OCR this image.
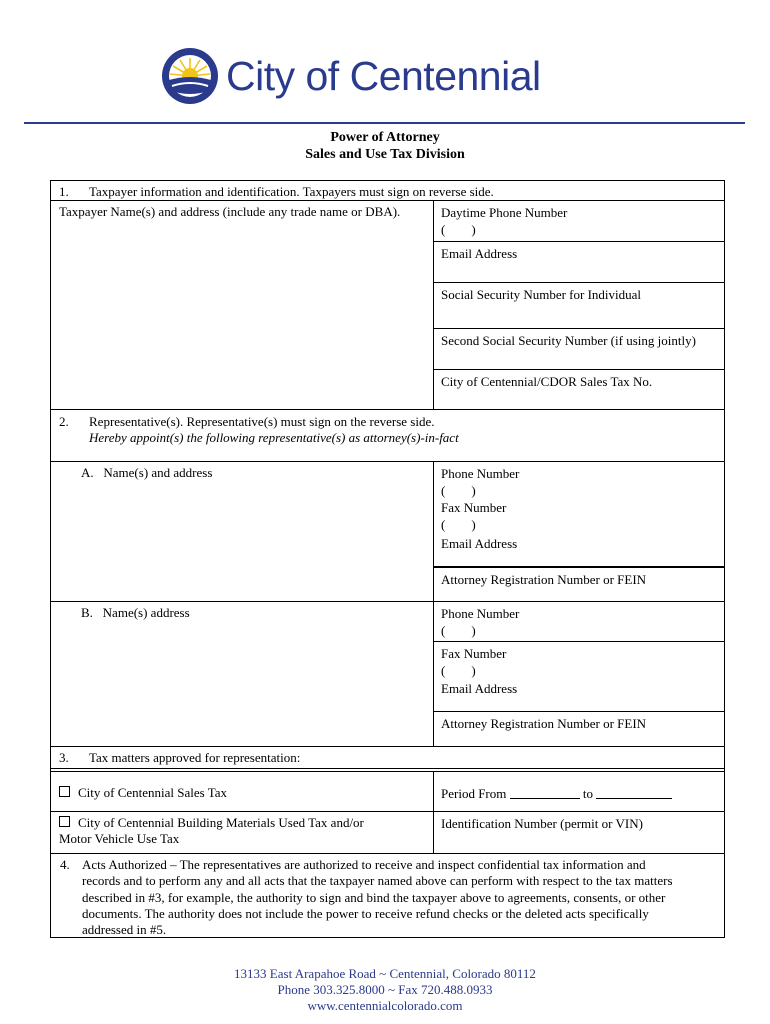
City of Centennial
Power of Attorney
Sales and Use Tax Division
1. Taxpayer information and identification. Taxpayers must sign on reverse side.
Taxpayer Name(s) and address (include any trade name or DBA).	Daytime Phone Number
(        )
Email Address
Social Security Number for Individual
Second Social Security Number (if using jointly)
City of Centennial/CDOR Sales Tax No.
2. Representative(s). Representative(s) must sign on the reverse side.
Hereby appoint(s) the following representative(s) as attorney(s)-in-fact
A.   Name(s) and address	Phone Number
(        )
Fax Number
(        )
Email Address
Attorney Registration Number or FEIN
B.   Name(s) address	Phone Number
(        )
Fax Number
(        )
Email Address
Attorney Registration Number or FEIN
3. Tax matters approved for representation:
City of Centennial Sales Tax	Period From	to
City of Centennial Building Materials Used Tax and/or
Motor Vehicle Use Tax
Identification Number (permit or VIN)
4. Acts Authorized – The representatives are authorized to receive and inspect confidential tax information and
records and to perform any and all acts that the taxpayer named above can perform with respect to the tax matters
described in #3, for example, the authority to sign and bind the taxpayer above to agreements, consents, or other
documents. The authority does not include the power to receive refund checks or the deleted acts specifically
addressed in #5.
13133 East Arapahoe Road ~ Centennial, Colorado 80112
Phone 303.325.8000 ~ Fax 720.488.0933
www.centennialcolorado.com
